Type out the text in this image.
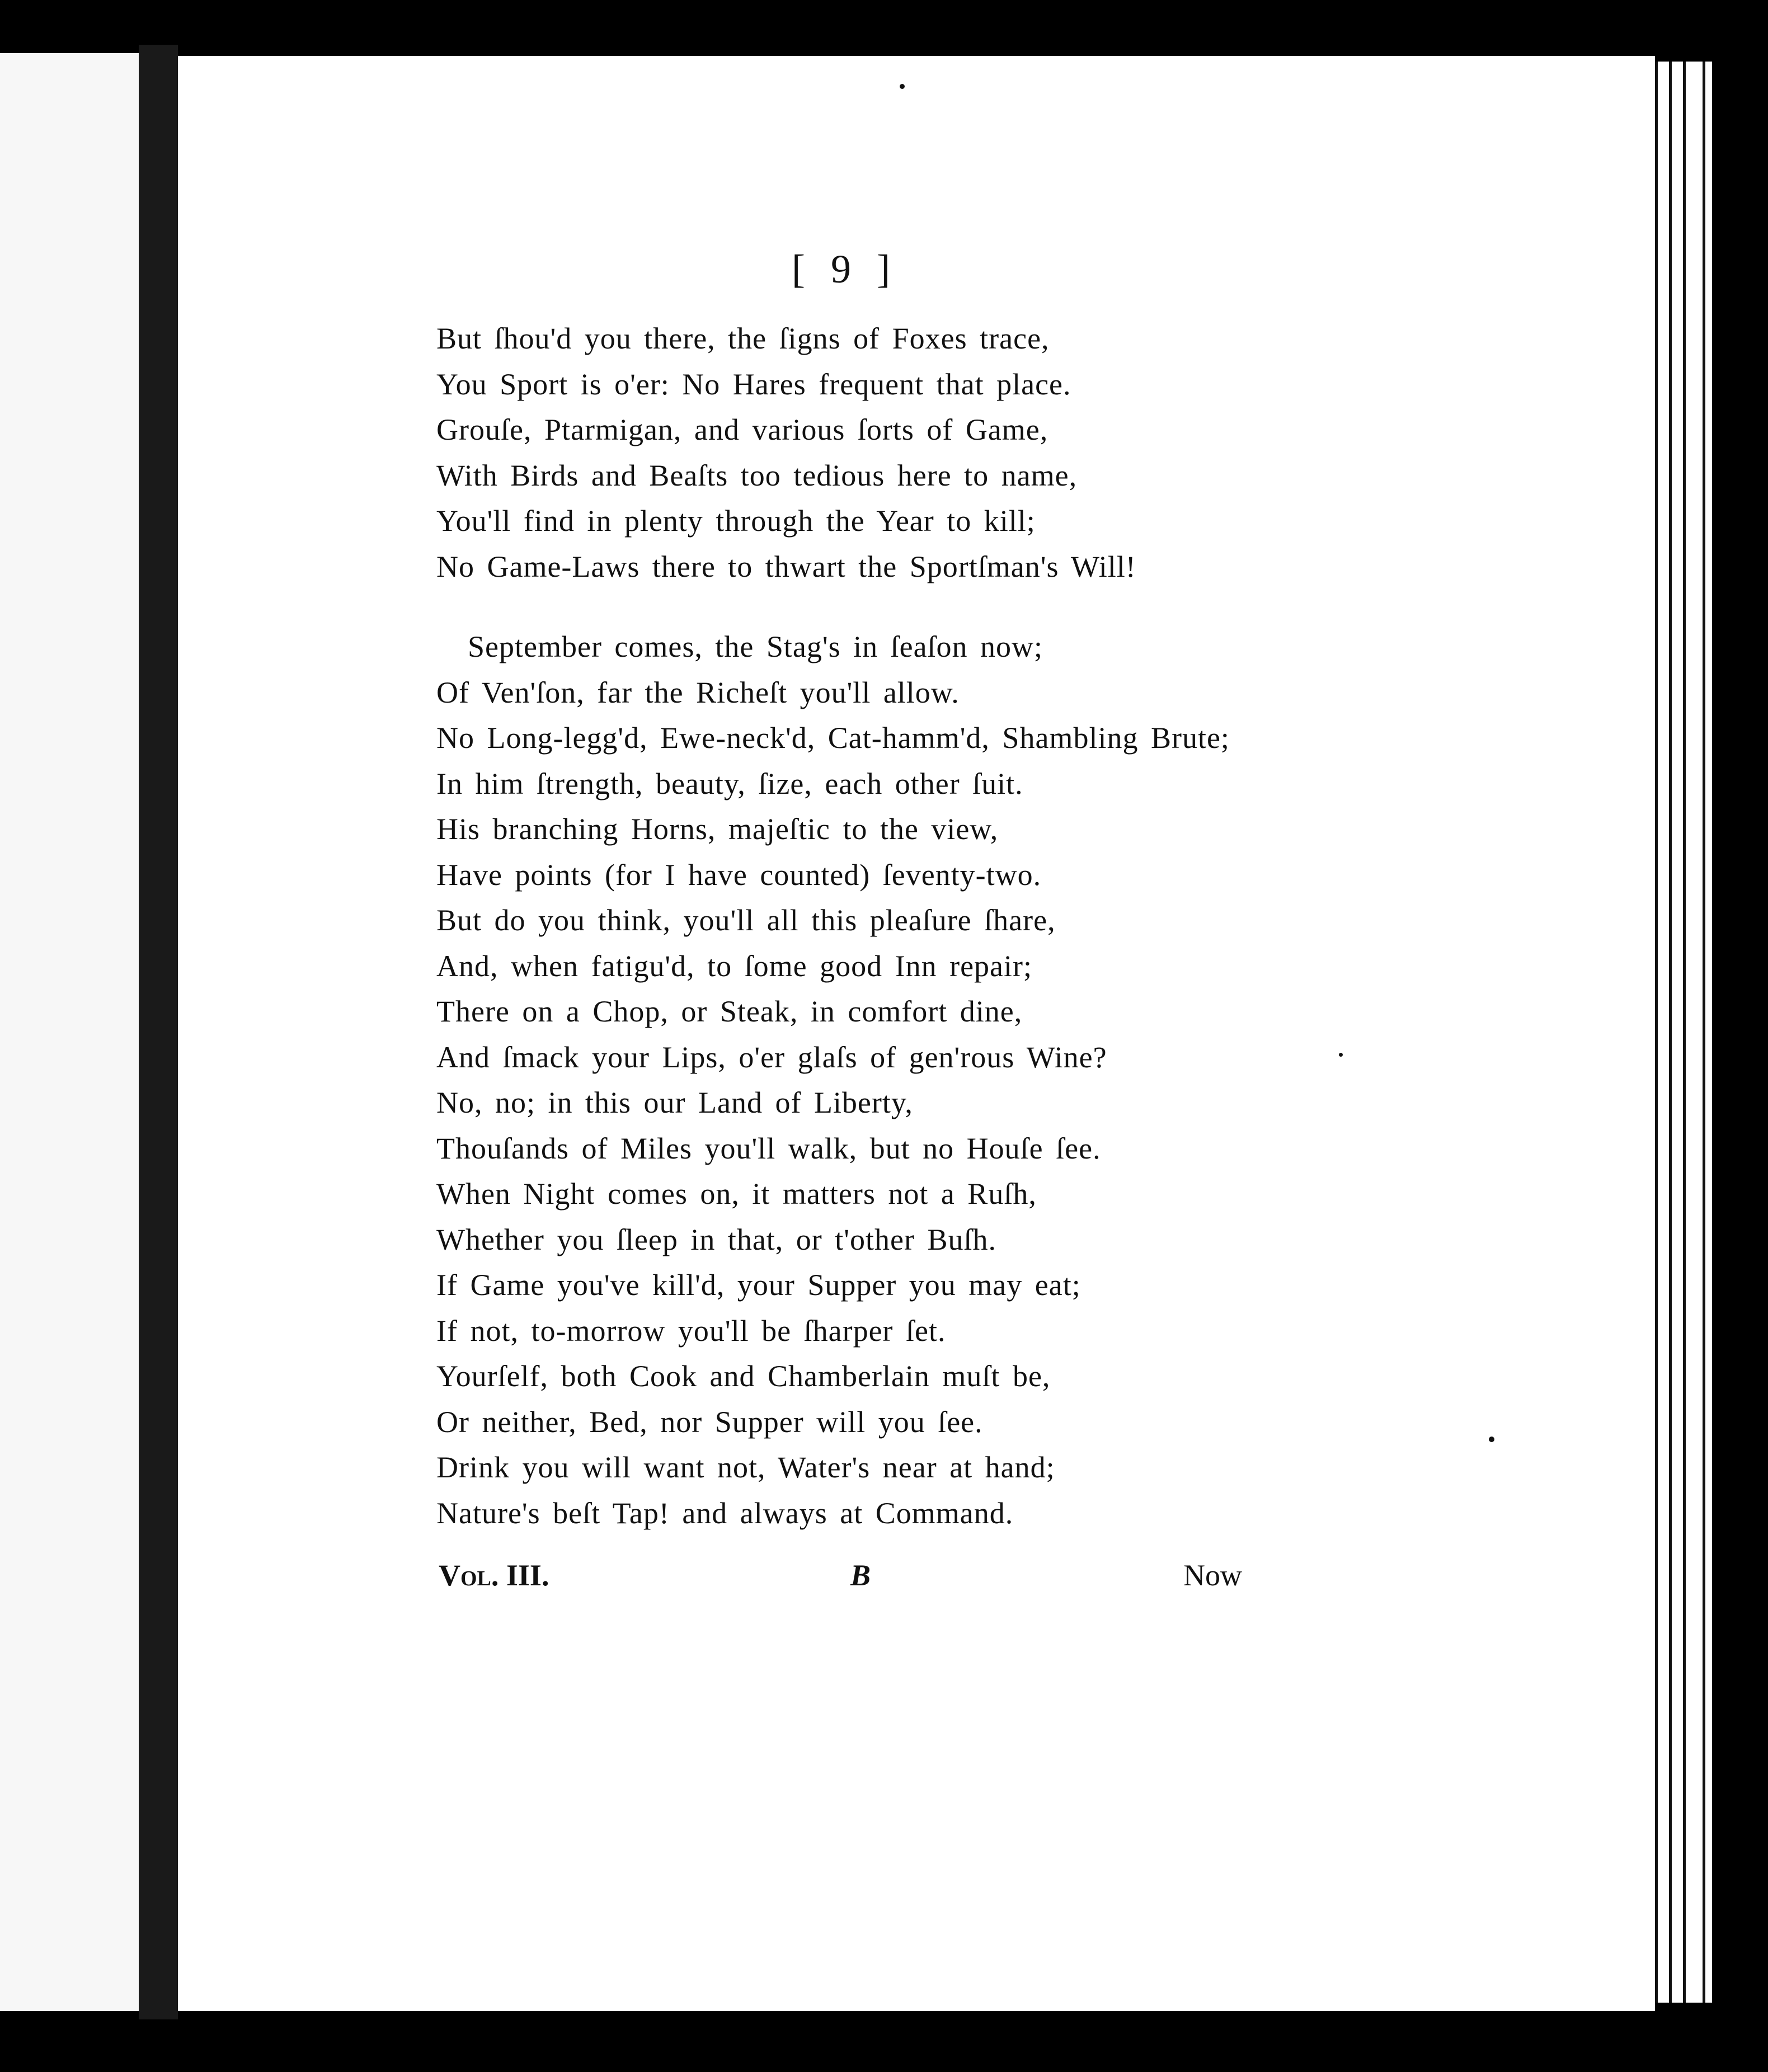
[ 9 ]
But ſhou'd you there, the ſigns of Foxes trace,
You Sport is o'er: No Hares frequent that place.
Grouſe, Ptarmigan, and various ſorts of Game,
With Birds and Beaſts too tedious here to name,
You'll find in plenty through the Year to kill;
No Game-Laws there to thwart the Sportſman's Will!
September comes, the Stag's in ſeaſon now;
Of Ven'ſon, far the Richeſt you'll allow.
No Long-legg'd, Ewe-neck'd, Cat-hamm'd, Shambling Brute;
In him ſtrength, beauty, ſize, each other ſuit.
His branching Horns, majeſtic to the view,
Have points (for I have counted) ſeventy-two.
But do you think, you'll all this pleaſure ſhare,
And, when fatigu'd, to ſome good Inn repair;
There on a Chop, or Steak, in comfort dine,
And ſmack your Lips, o'er glaſs of gen'rous Wine?
No, no; in this our Land of Liberty,
Thouſands of Miles you'll walk, but no Houſe ſee.
When Night comes on, it matters not a Ruſh,
Whether you ſleep in that, or t'other Buſh.
If Game you've kill'd, your Supper you may eat;
If not, to-morrow you'll be ſharper ſet.
Yourſelf, both Cook and Chamberlain muſt be,
Or neither, Bed, nor Supper will you ſee.
Drink you will want not, Water's near at hand;
Nature's beſt Tap! and always at Command.
Vol. III.	B	Now
